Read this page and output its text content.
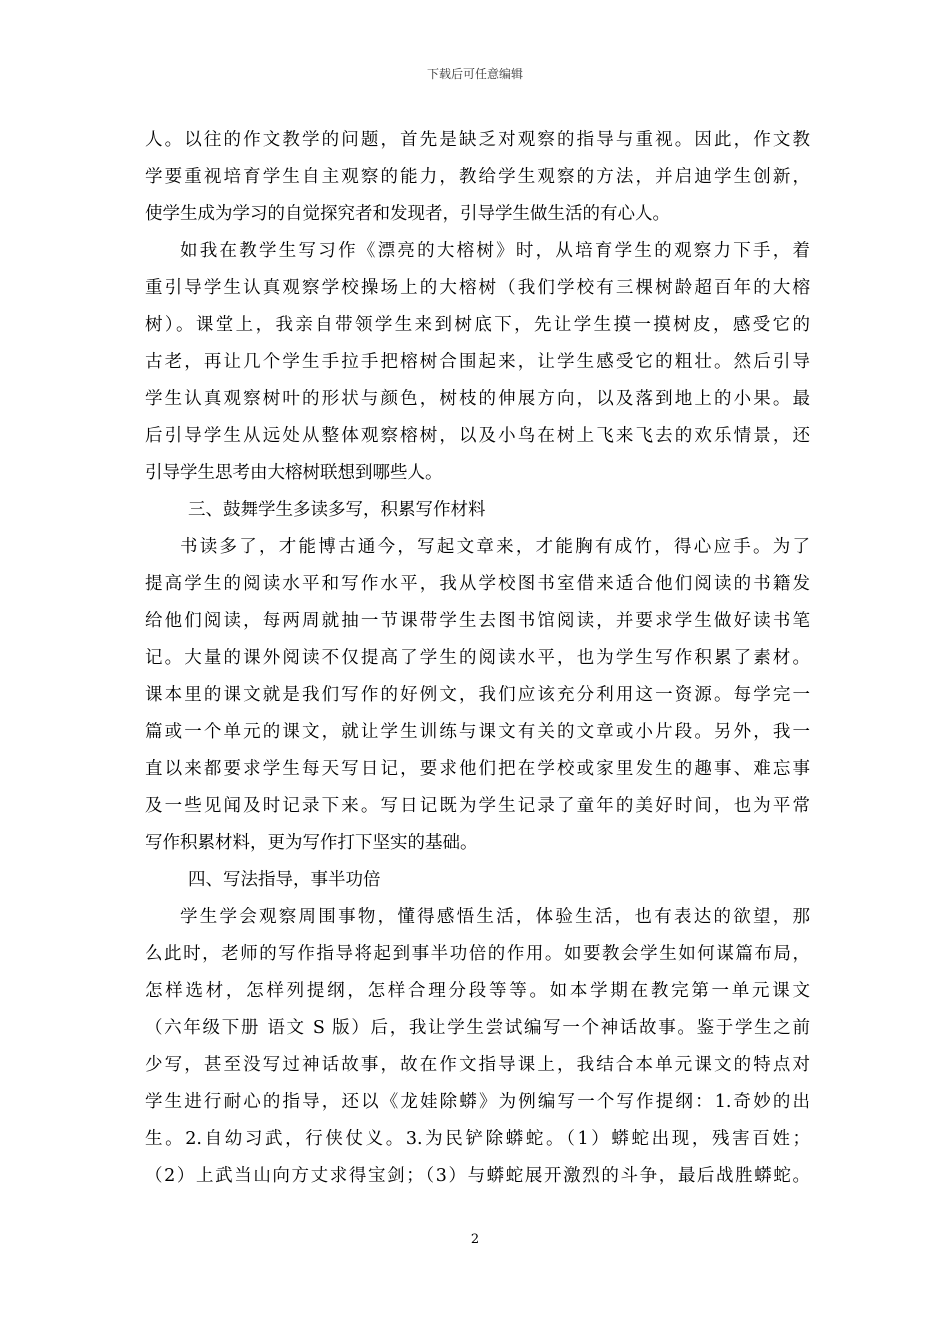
下载后可任意编辑
人。以往的作文教学的问题，首先是缺乏对观察的指导与重视。因此，作文教
学要重视培育学生自主观察的能力，教给学生观察的方法，并启迪学生创新，
使学生成为学习的自觉探究者和发现者，引导学生做生活的有心人。
如我在教学生写习作《漂亮的大榕树》时，从培育学生的观察力下手，着
重引导学生认真观察学校操场上的大榕树（我们学校有三棵树龄超百年的大榕
树）。课堂上，我亲自带领学生来到树底下，先让学生摸一摸树皮，感受它的
古老，再让几个学生手拉手把榕树合围起来，让学生感受它的粗壮。然后引导
学生认真观察树叶的形状与颜色，树枝的伸展方向，以及落到地上的小果。最
后引导学生从远处从整体观察榕树，以及小鸟在树上飞来飞去的欢乐情景，还
引导学生思考由大榕树联想到哪些人。
三、鼓舞学生多读多写，积累写作材料
书读多了，才能博古通今，写起文章来，才能胸有成竹，得心应手。为了
提高学生的阅读水平和写作水平，我从学校图书室借来适合他们阅读的书籍发
给他们阅读，每两周就抽一节课带学生去图书馆阅读，并要求学生做好读书笔
记。大量的课外阅读不仅提高了学生的阅读水平，也为学生写作积累了素材。
课本里的课文就是我们写作的好例文，我们应该充分利用这一资源。每学完一
篇或一个单元的课文，就让学生训练与课文有关的文章或小片段。另外，我一
直以来都要求学生每天写日记，要求他们把在学校或家里发生的趣事、难忘事
及一些见闻及时记录下来。写日记既为学生记录了童年的美好时间，也为平常
写作积累材料，更为写作打下坚实的基础。
四、写法指导，事半功倍
学生学会观察周围事物，懂得感悟生活，体验生活，也有表达的欲望，那
么此时，老师的写作指导将起到事半功倍的作用。如要教会学生如何谋篇布局，
怎样选材，怎样列提纲，怎样合理分段等等。如本学期在教完第一单元课文
（六年级下册 语文 S 版）后，我让学生尝试编写一个神话故事。鉴于学生之前
少写，甚至没写过神话故事，故在作文指导课上，我结合本单元课文的特点对
学生进行耐心的指导，还以《龙娃除蟒》为例编写一个写作提纲：1.奇妙的出
生。2.自幼习武，行侠仗义。3.为民铲除蟒蛇。（1）蟒蛇出现，残害百姓；
（2）上武当山向方丈求得宝剑；（3）与蟒蛇展开激烈的斗争，最后战胜蟒蛇。
2
